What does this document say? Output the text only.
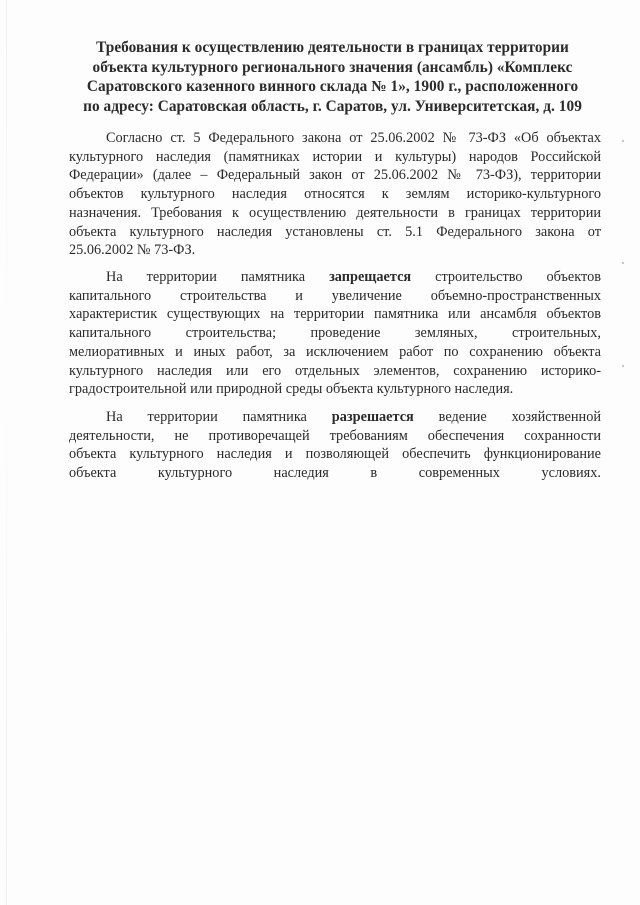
Требования к осуществлению деятельности в границах территории
объекта культурного регионального значения (ансамбль) «Комплекс
Саратовского казенного винного склада № 1», 1900 г., расположенного
по адресу: Саратовская область, г. Саратов, ул. Университетская, д. 109
Согласно ст. 5 Федерального закона от 25.06.2002 № 73-ФЗ «Об объектах
культурного наследия (памятниках истории и культуры) народов Российской
Федерации» (далее – Федеральный закон от 25.06.2002 № 73-ФЗ), территории
объектов культурного наследия относятся к землям историко-культурного
назначения. Требования к осуществлению деятельности в границах территории
объекта культурного наследия установлены ст. 5.1 Федерального закона от
25.06.2002 № 73-ФЗ.
На территории памятника запрещается строительство объектов
капитального строительства и увеличение объемно-пространственных
характеристик существующих на территории памятника или ансамбля объектов
капитального строительства; проведение земляных, строительных,
мелиоративных и иных работ, за исключением работ по сохранению объекта
культурного наследия или его отдельных элементов, сохранению историко-
градостроительной или природной среды объекта культурного наследия.
На территории памятника разрешается ведение хозяйственной
деятельности, не противоречащей требованиям обеспечения сохранности
объекта культурного наследия и позволяющей обеспечить функционирование
объекта культурного наследия в современных условиях.
